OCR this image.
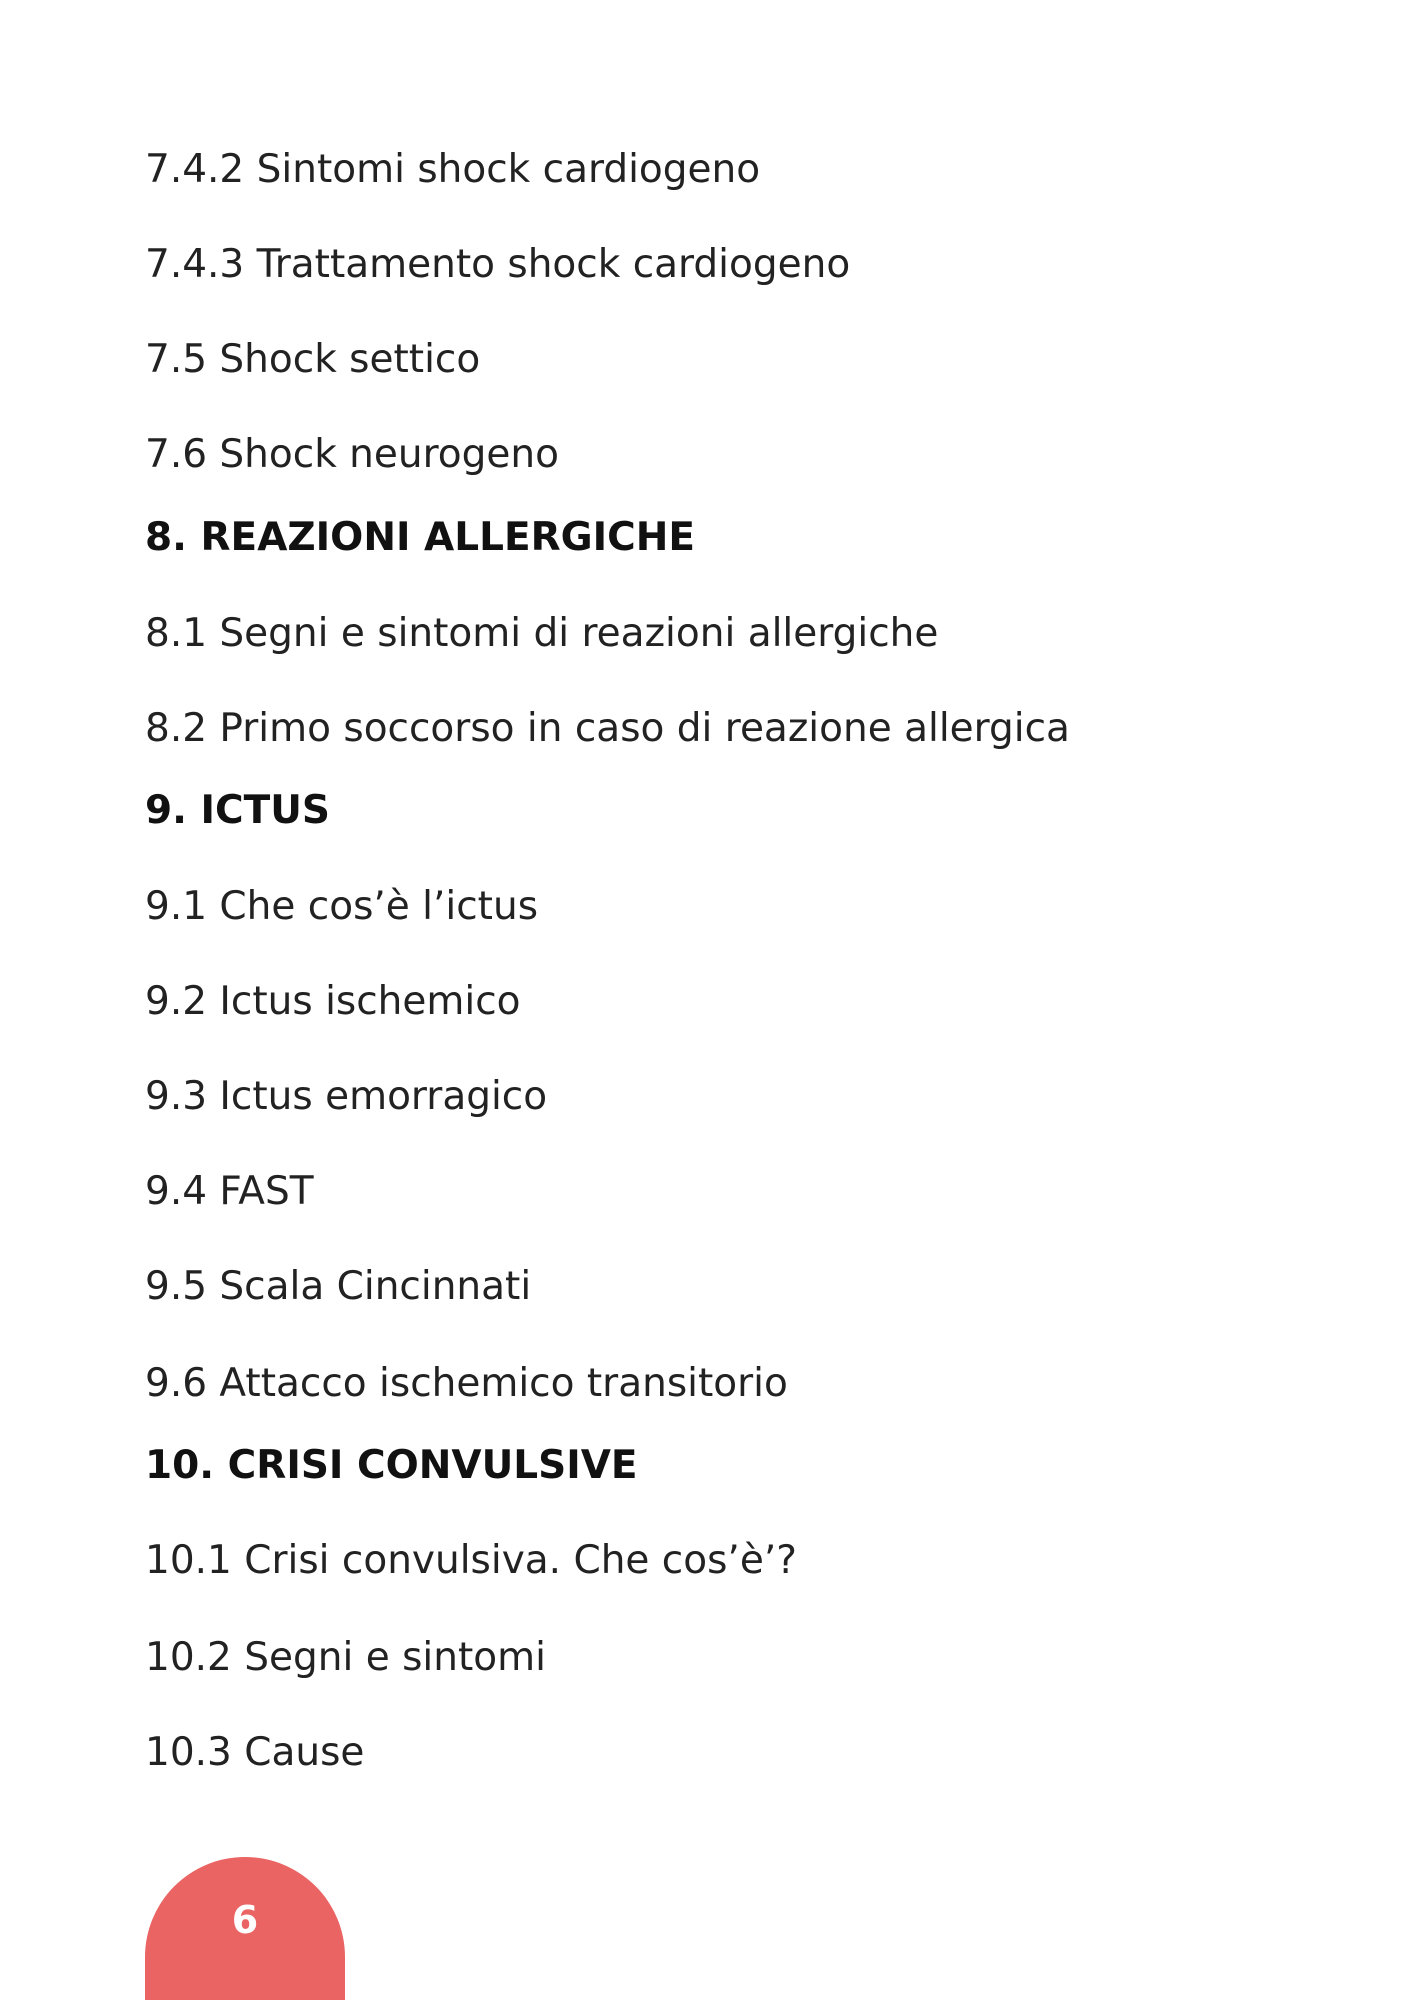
7.4.2 Sintomi shock cardiogeno
7.4.3 Trattamento shock cardiogeno
7.5 Shock settico
7.6 Shock neurogeno
8. REAZIONI ALLERGICHE
8.1 Segni e sintomi di reazioni allergiche
8.2 Primo soccorso in caso di reazione allergica
9. ICTUS
9.1 Che cos’è l’ictus
9.2 Ictus ischemico
9.3 Ictus emorragico
9.4 FAST
9.5 Scala Cincinnati
9.6 Attacco ischemico transitorio
10. CRISI CONVULSIVE
10.1 Crisi convulsiva. Che cos’è’?
10.2 Segni e sintomi
10.3 Cause
6
